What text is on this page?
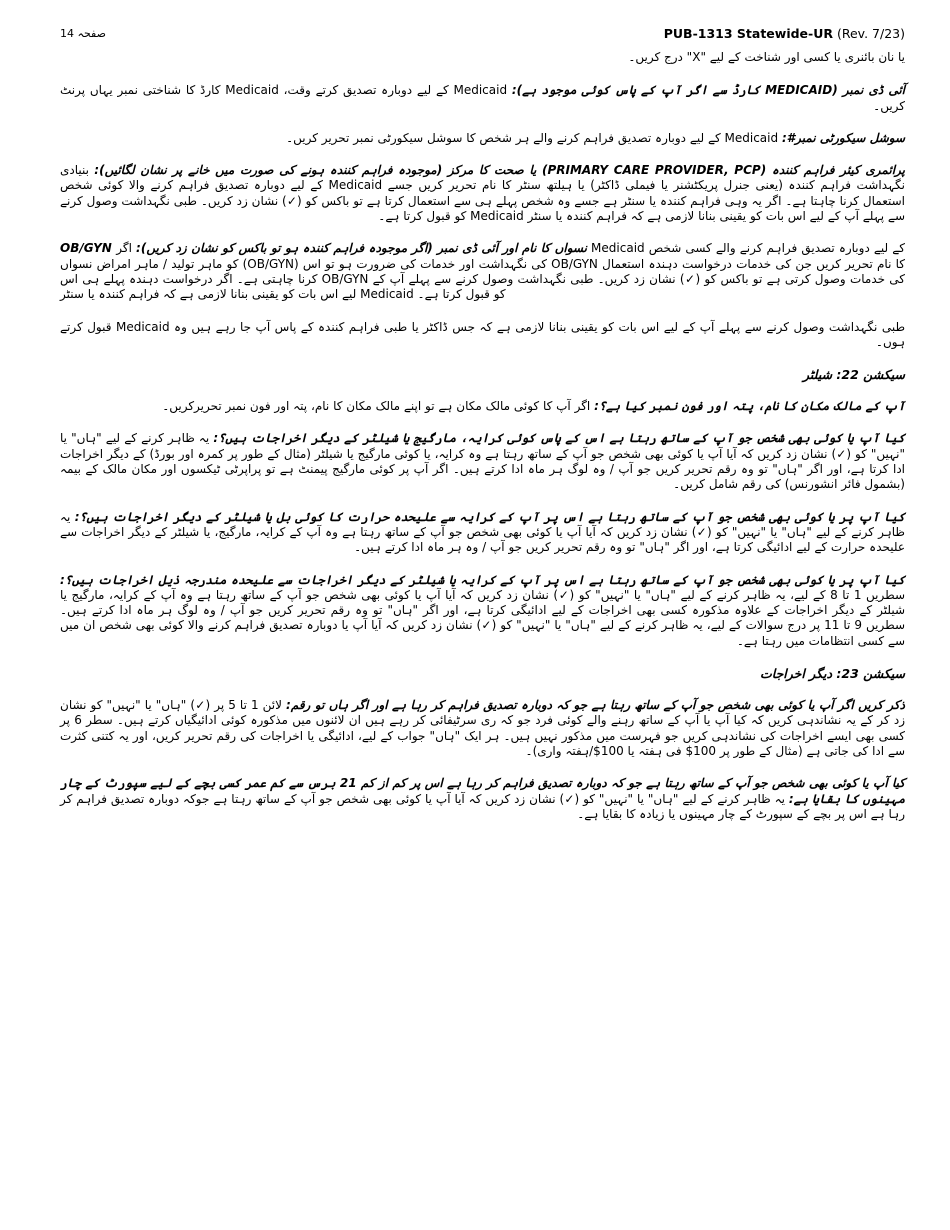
صفحہ 14	PUB-1313 Statewide-UR (Rev. 7/23)

یا نان بائنری یا کسی اور شناخت کے لیے "X" درج کریں۔

آئی ڈی نمبر (MEDICAID کارڈ سے اگر آپ کے پاس کوئی موجود ہے): Medicaid کے لیے دوبارہ تصدیق کرتے وقت، Medicaid کارڈ کا شناختی نمبر یہاں پرنٹ کریں۔

سوشل سیکورٹی نمبر#: Medicaid کے لیے دوبارہ تصدیق فراہم کرنے والے ہر شخص کا سوشل سیکورٹی نمبر تحریر کریں۔

پرائمری کیئر فراہم کنندہ (PRIMARY CARE PROVIDER, PCP) یا صحت کا مرکز (موجودہ فراہم کنندہ ہونے کی صورت میں خانے پر نشان لگائیں): بنیادی نگہداشت فراہم کنندہ (یعنی جنرل پریکٹشنر یا فیملی ڈاکٹر) یا ہیلتھ سنٹر کا نام تحریر کریں جسے Medicaid کے لیے دوبارہ تصدیق فراہم کرنے والا کوئی شخص استعمال کرنا چاہتا ہے۔ اگر یہ وہی فراہم کنندہ یا سنٹر ہے جسے وہ شخص پہلے ہی سے استعمال کرتا ہے تو باکس کو (✓) نشان زد کریں۔ طبی نگہداشت وصول کرنے سے پہلے آپ کے لیے اس بات کو یقینی بنانا لازمی ہے کہ فراہم کنندہ یا سنٹر Medicaid کو قبول کرتا ہے۔

OB/GYN نسواں کا نام اور آئی ڈی نمبر (اگر موجودہ فراہم کنندہ ہو تو باکس کو نشان زد کریں): اگر Medicaid کے لیے دوبارہ تصدیق فراہم کرنے والے کسی شخص کو ماہر تولید / ماہر امراض نسواں (OB/GYN) کی نگہداشت اور خدمات کی ضرورت ہو تو اس OB/GYN کا نام تحریر کریں جن کی خدمات درخواست دہندہ استعمال کرنا چاہتی ہے۔ اگر درخواست دہندہ پہلے ہی اس OB/GYN کی خدمات وصول کرتی ہے تو باکس کو (✓) نشان زد کریں۔ طبی نگہداشت وصول کرنے سے پہلے آپ کے لیے اس بات کو یقینی بنانا لازمی ہے کہ فراہم کنندہ یا سنٹر Medicaid کو قبول کرتا ہے۔

طبی نگہداشت وصول کرنے سے پہلے آپ کے لیے اس بات کو یقینی بنانا لازمی ہے کہ جس ڈاکٹر یا طبی فراہم کنندہ کے پاس آپ جا رہے ہیں وہ Medicaid قبول کرتے ہوں۔

سیکشن 22: شیلٹر

آپ کے مالک مکان کا نام، پتہ اور فون نمبر کیا ہے؟: اگر آپ کا کوئی مالک مکان ہے تو اپنے مالک مکان کا نام، پتہ اور فون نمبر تحریرکریں۔

کیا آپ یا کوئی بھی شخص جو آپ کے ساتھ رہتا ہے اس کے پاس کوئی کرایہ، مارگیج یا شیلٹر کے دیگر اخراجات ہیں؟: یہ ظاہر کرنے کے لیے "ہاں" یا "نہیں" کو (✓) نشان زد کریں کہ آیا آپ یا کوئی بھی شخص جو آپ کے ساتھ رہتا ہے وہ کرایہ، یا کوئی مارگیج یا شیلٹر (مثال کے طور پر کمرہ اور بورڈ) کے دیگر اخراجات ادا کرتا ہے، اور اگر "ہاں" تو وہ رقم تحریر کریں جو آپ / وہ لوگ ہر ماہ ادا کرتے ہیں۔ اگر آپ پر کوئی مارگیج پیمنٹ ہے تو پراپرٹی ٹیکسوں اور مکان مالک کے بیمہ (بشمول فائر انشورنس) کی رقم شامل کریں۔

کیا آپ پر یا کوئی بھی شخص جو آپ کے ساتھ رہتا ہے اس پر آپ کے کرایہ سے علیحدہ حرارت کا کوئی بل یا شیلٹر کے دیگر اخراجات ہیں؟: یہ ظاہر کرنے کے لیے "ہاں" یا "نہیں" کو (✓) نشان زد کریں کہ آیا آپ یا کوئی بھی شخص جو آپ کے ساتھ رہتا ہے وہ آپ کے کرایہ، مارگیج، یا شیلٹر کے دیگر اخراجات سے علیحدہ حرارت کے لیے ادائیگی کرتا ہے، اور اگر "ہاں" تو وہ رقم تحریر کریں جو آپ / وہ ہر ماہ ادا کرتے ہیں۔

کیا آپ پر یا کوئی بھی شخص جو آپ کے ساتھ رہتا ہے اس پر آپ کے کرایہ یا شیلٹر کے دیگر اخراجات سے علیحدہ مندرجہ ذیل اخراجات ہیں؟: سطریں 1 تا 8 کے لیے، یہ ظاہر کرنے کے لیے "ہاں" یا "نہیں" کو (✓) نشان زد کریں کہ آیا آپ یا کوئی بھی شخص جو آپ کے ساتھ رہتا ہے وہ آپ کے کرایہ، مارگیج یا شیلٹر کے دیگر اخراجات کے علاوہ مذکورہ کسی بھی اخراجات کے لیے ادائیگی کرتا ہے، اور اگر "ہاں" تو وہ رقم تحریر کریں جو آپ / وہ لوگ ہر ماہ ادا کرتے ہیں۔ سطریں 9 تا 11 پر درج سوالات کے لیے، یہ ظاہر کرنے کے لیے "ہاں" یا "نہیں" کو (✓) نشان زد کریں کہ آیا آپ یا دوبارہ تصدیق فراہم کرنے والا کوئی بھی شخص ان میں سے کسی انتظامات میں رہتا ہے۔

سیکشن 23: دیگر اخراجات

ذکر کریں اگر آپ یا کوئی بھی شخص جو آپ کے ساتھ رہتا ہے جو کہ دوبارہ تصدیق فراہم کر رہا ہے اور اگر ہاں تو رقم: لائن 1 تا 5 پر (✓) "ہاں" یا "نہیں" کو نشان زد کر کے یہ نشاندہی کریں کہ کیا آپ یا آپ کے ساتھ رہنے والے کوئی فرد جو کہ ری سرٹیفائی کر رہے ہیں ان لائنوں میں مذکورہ کوئی ادائیگیاں کرتے ہیں۔ سطر 6 پر کسی بھی ایسے اخراجات کی نشاندہی کریں جو فہرست میں مذکور نہیں ہیں۔ ہر ایک "ہاں" جواب کے لیے، ادائیگی یا اخراجات کی رقم تحریر کریں، اور یہ کتنی کثرت سے ادا کی جاتی ہے (مثال کے طور پر 100$ فی ہفتہ یا 100$/ہفتہ واری)۔

کیا آپ یا کوئی بھی شخص جو آپ کے ساتھ رہتا ہے جو کہ دوبارہ تصدیق فراہم کر رہا ہے اس پر کم از کم 21 برس سے کم عمر کسی بچے کے لیے سپورٹ کے چار مہینوں کا بقایا ہے: یہ ظاہر کرنے کے لیے "ہاں" یا "نہیں" کو (✓) نشان زد کریں کہ آیا آپ یا کوئی بھی شخص جو آپ کے ساتھ رہتا ہے جوکہ دوبارہ تصدیق فراہم کر رہا ہے اس پر بچے کے سپورٹ کے چار مہینوں یا زیادہ کا بقایا ہے۔
